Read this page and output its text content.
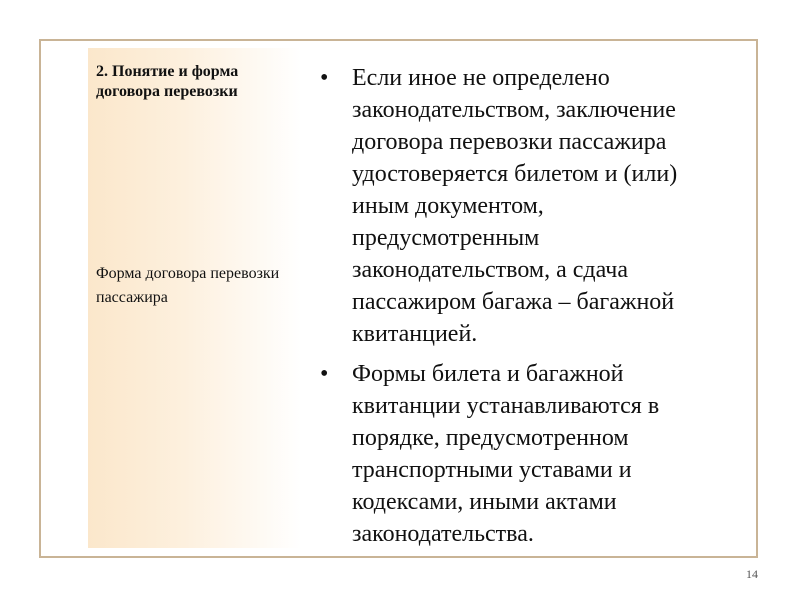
2. Понятие и форма договора перевозки
Форма договора перевозки пассажира
• Если иное не определено законодательством, заключение договора перевозки пассажира удостоверяется билетом и (или) иным документом, предусмотренным законодательством, а сдача пассажиром багажа – багажной квитанцией.
• Формы билета и багажной квитанции устанавливаются в порядке, предусмотренном транспортными уставами и кодексами, иными актами законодательства.
14
